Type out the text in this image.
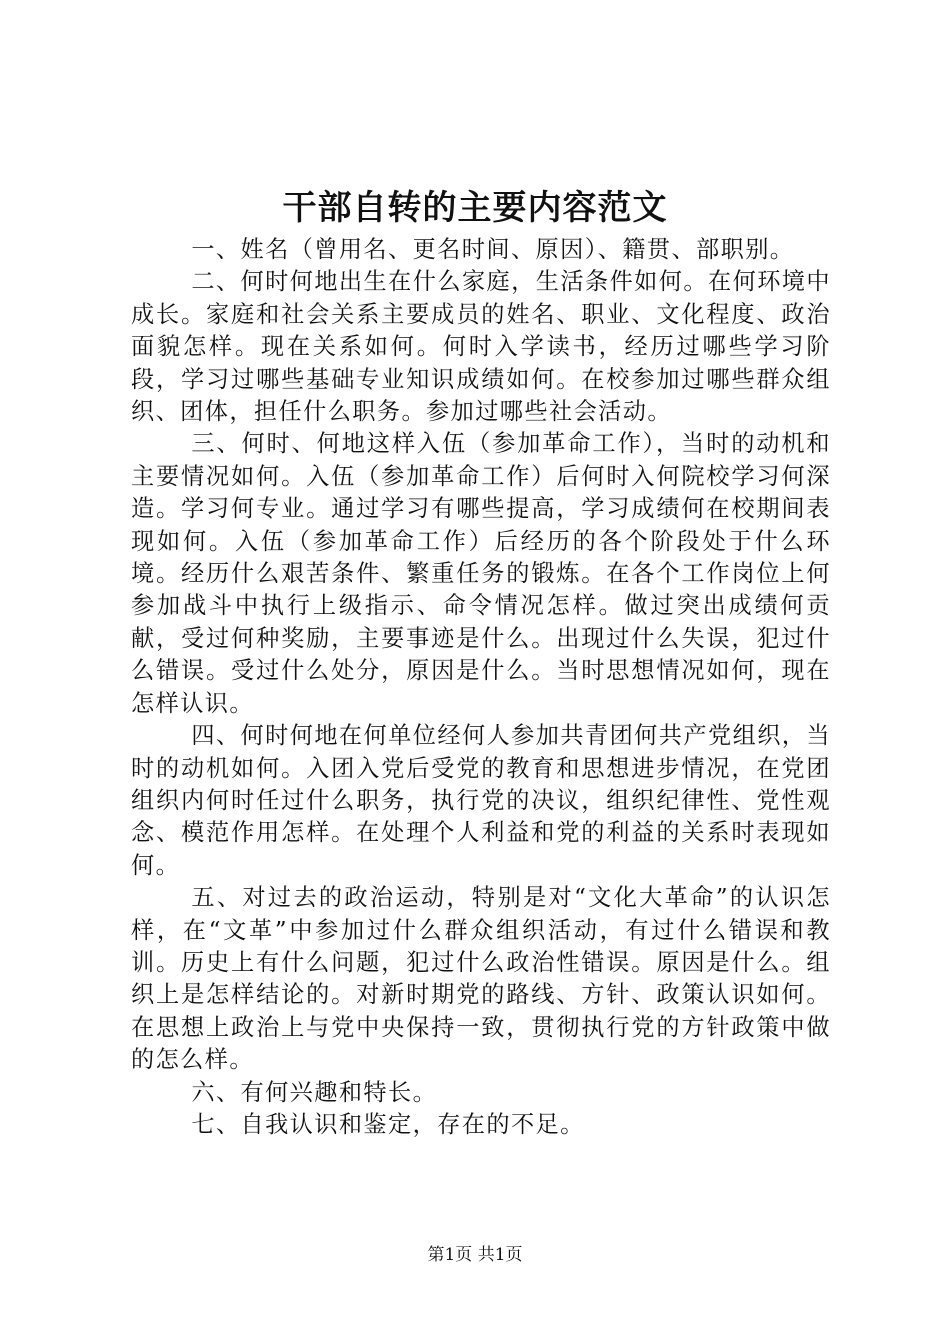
干部自转的主要内容范文

一、姓名（曾用名、更名时间、原因）、籍贯、部职别。

二、何时何地出生在什么家庭，生活条件如何。在何环境中成长。家庭和社会关系主要成员的姓名、职业、文化程度、政治面貌怎样。现在关系如何。何时入学读书，经历过哪些学习阶段，学习过哪些基础专业知识成绩如何。在校参加过哪些群众组织、团体，担任什么职务。参加过哪些社会活动。

三、何时、何地这样入伍（参加革命工作），当时的动机和主要情况如何。入伍（参加革命工作）后何时入何院校学习何深造。学习何专业。通过学习有哪些提高，学习成绩何在校期间表现如何。入伍（参加革命工作）后经历的各个阶段处于什么环境。经历什么艰苦条件、繁重任务的锻炼。在各个工作岗位上何参加战斗中执行上级指示、命令情况怎样。做过突出成绩何贡献，受过何种奖励，主要事迹是什么。出现过什么失误，犯过什么错误。受过什么处分，原因是什么。当时思想情况如何，现在怎样认识。

四、何时何地在何单位经何人参加共青团何共产党组织，当时的动机如何。入团入党后受党的教育和思想进步情况，在党团组织内何时任过什么职务，执行党的决议，组织纪律性、党性观念、模范作用怎样。在处理个人利益和党的利益的关系时表现如何。

五、对过去的政治运动，特别是对“文化大革命”的认识怎样，在“文革”中参加过什么群众组织活动，有过什么错误和教训。历史上有什么问题，犯过什么政治性错误。原因是什么。组织上是怎样结论的。对新时期党的路线、方针、政策认识如何。在思想上政治上与党中央保持一致，贯彻执行党的方针政策中做的怎么样。

六、有何兴趣和特长。

七、自我认识和鉴定，存在的不足。

第1页 共1页
